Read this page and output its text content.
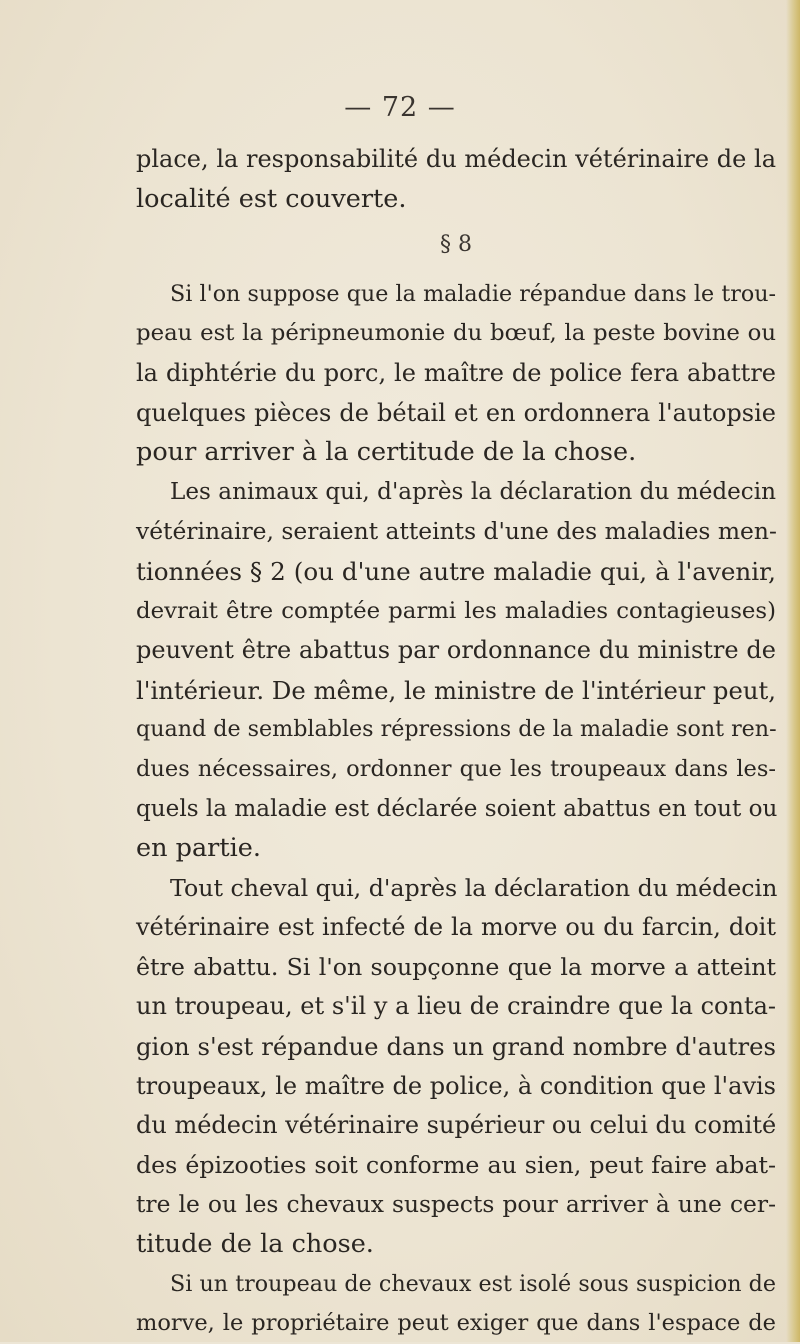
— 72 —
place, la responsabilité du médecin vétérinaire de la
localité est couverte.
§ 8
Si l'on suppose que la maladie répandue dans le trou-
peau est la péripneumonie du bœuf, la peste bovine ou
la diphtérie du porc, le maître de police fera abattre
quelques pièces de bétail et en ordonnera l'autopsie
pour arriver à la certitude de la chose.
Les animaux qui, d'après la déclaration du médecin
vétérinaire, seraient atteints d'une des maladies men-
tionnées § 2 (ou d'une autre maladie qui, à l'avenir,
devrait être comptée parmi les maladies contagieuses)
peuvent être abattus par ordonnance du ministre de
l'intérieur. De même, le ministre de l'intérieur peut,
quand de semblables répressions de la maladie sont ren-
dues nécessaires, ordonner que les troupeaux dans les-
quels la maladie est déclarée soient abattus en tout ou
en partie.
Tout cheval qui, d'après la déclaration du médecin
vétérinaire est infecté de la morve ou du farcin, doit
être abattu. Si l'on soupçonne que la morve a atteint
un troupeau, et s'il y a lieu de craindre que la conta-
gion s'est répandue dans un grand nombre d'autres
troupeaux, le maître de police, à condition que l'avis
du médecin vétérinaire supérieur ou celui du comité
des épizooties soit conforme au sien, peut faire abat-
tre le ou les chevaux suspects pour arriver à une cer-
titude de la chose.
Si un troupeau de chevaux est isolé sous suspicion de
morve, le propriétaire peut exiger que dans l'espace de
